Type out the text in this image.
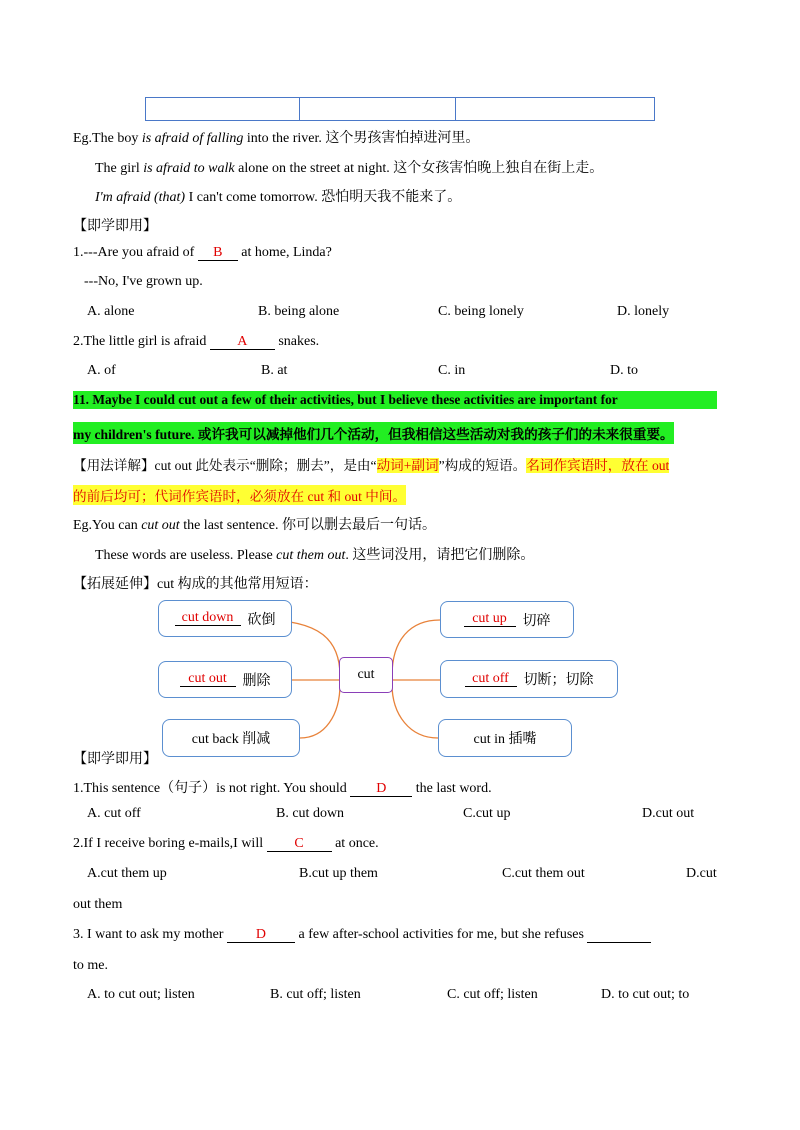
Eg.The boy is afraid of falling into the river. 这个男孩害怕掉进河里。
The girl is afraid to walk alone on the street at night. 这个女孩害怕晚上独自在街上走。
I'm afraid (that) I can't come tomorrow. 恐怕明天我不能来了。
【即学即用】
1.---Are you afraid of B at home, Linda?
---No, I've grown up.
A. alone	B. being alone	C. being lonely	D. lonely
2.The little girl is afraid A snakes.
A. of	B. at	C. in	D. to
11. Maybe I could cut out a few of their activities, but I believe these activities are important for
my children's future. 或许我可以减掉他们几个活动，但我相信这些活动对我的孩子们的未来很重要。
【用法详解】cut out 此处表示“删除；删去”，是由“动词+副词”构成的短语。名词作宾语时，放在 out
的前后均可；代词作宾语时，必须放在 cut 和 out 中间。
Eg.You can cut out the last sentence. 你可以删去最后一句话。
These words are useless. Please cut them out. 这些词没用，请把它们删除。
【拓展延伸】cut 构成的其他常用短语：
cut
cut down
	砍倒
cut out
	删除
cut back 削减
cut up
	切碎
cut off
	切断；切除
cut in 插嘴
【即学即用】
1.This sentence（句子）is not right. You should D the last word.
A. cut off	B. cut down	C.cut up	D.cut out
2.If I receive boring e-mails,I will C at once.
A.cut them up	B.cut up them	C.cut them out	D.cut
out them
3. I want to ask my mother D a few after-school activities for me, but she refuses
to me.
A. to cut out; listen	B. cut off; listen	C. cut off; listen	D. to cut out; to
